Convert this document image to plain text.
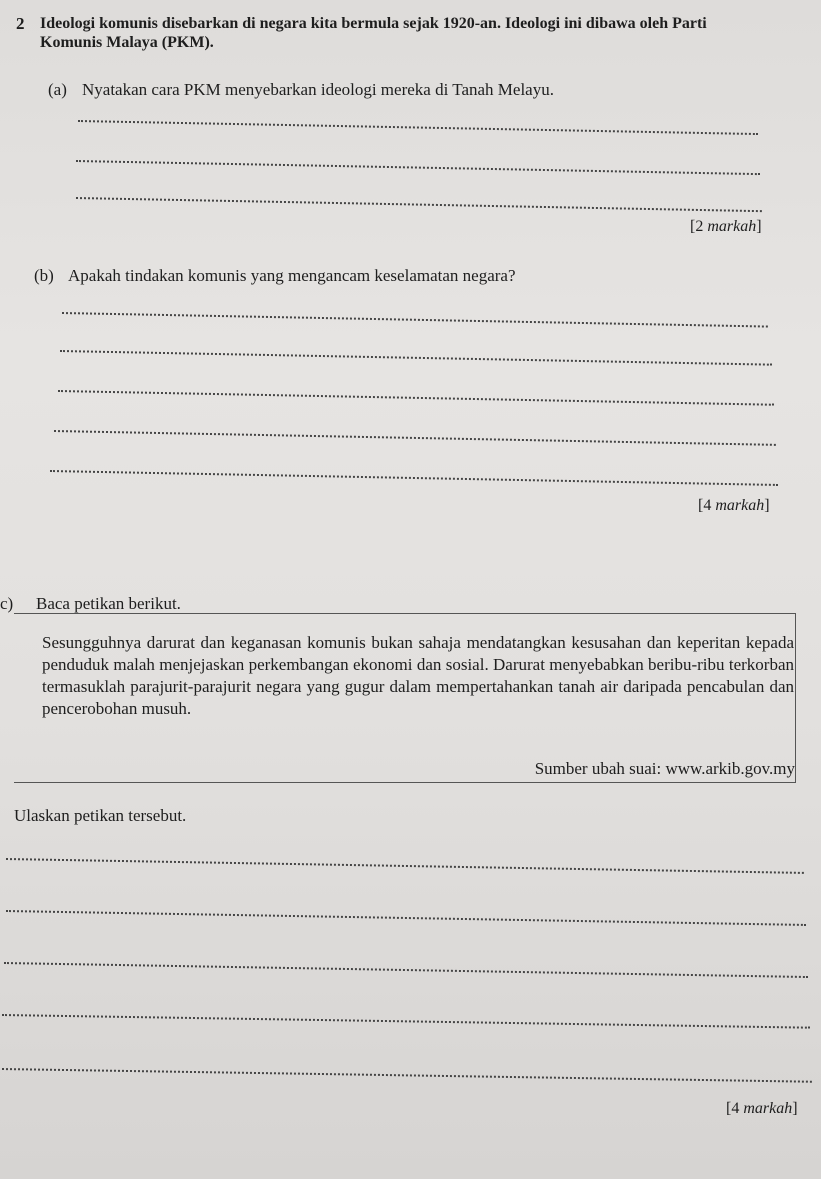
2 Ideologi komunis disebarkan di negara kita bermula sejak 1920-an. Ideologi ini dibawa oleh Parti
Komunis Malaya (PKM).
(a) Nyatakan cara PKM menyebarkan ideologi mereka di Tanah Melayu.
[2 markah]
(b) Apakah tindakan komunis yang mengancam keselamatan negara?
[4 markah]
c) Baca petikan berikut.
Sesungguhnya darurat dan keganasan komunis bukan sahaja mendatangkan kesusahan dan keperitan kepada penduduk malah menjejaskan perkembangan ekonomi dan sosial. Darurat menyebabkan beribu-ribu terkorban termasuklah parajurit-parajurit negara yang gugur dalam mempertahankan tanah air daripada pencabulan dan pencerobohan musuh.
Sumber ubah suai: www.arkib.gov.my
Ulaskan petikan tersebut.
[4 markah]
